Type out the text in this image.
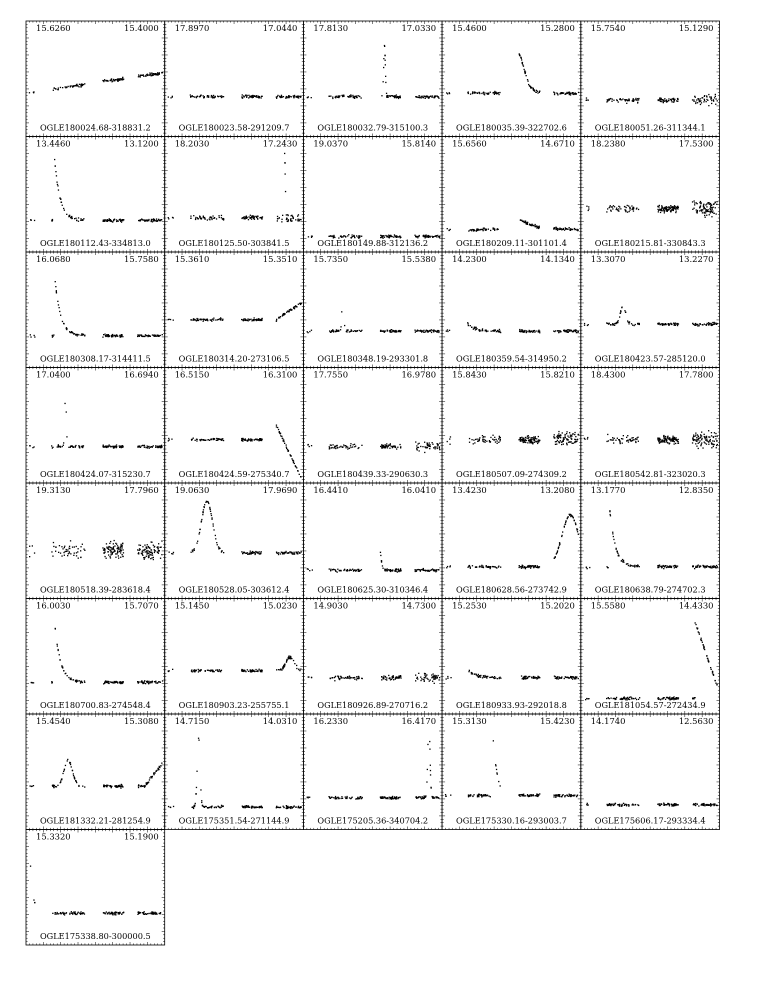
15.6260	15.4000
OGLE180024.68-318831.2
17.8970	17.0440
OGLE180023.58-291209.7
17.8130	17.0330
OGLE180032.79-315100.3
15.4600	15.2800
OGLE180035.39-322702.6
15.7540	15.1290
OGLE180051.26-311344.1
13.4460	13.1200
OGLE180112.43-334813.0
18.2030	17.2430
OGLE180125.50-303841.5
19.0370	15.8140
OGLE180149.88-312136.2
15.6560	14.6710
OGLE180209.11-301101.4
18.2380	17.5300
OGLE180215.81-330843.3
16.0680	15.7580
OGLE180308.17-314411.5
15.3610	15.3510
OGLE180314.20-273106.5
15.7350	15.5380
OGLE180348.19-293301.8
14.2300	14.1340
OGLE180359.54-314950.2
13.3070	13.2270
OGLE180423.57-285120.0
17.0400	16.6940
OGLE180424.07-315230.7
16.5150	16.3100
OGLE180424.59-275340.7
17.7550	16.9780
OGLE180439.33-290630.3
15.8430	15.8210
OGLE180507.09-274309.2
18.4300	17.7800
OGLE180542.81-323020.3
19.3130	17.7960
OGLE180518.39-283618.4
19.0630	17.9690
OGLE180528.05-303612.4
16.4410	16.0410
OGLE180625.30-310346.4
13.4230	13.2080
OGLE180628.56-273742.9
13.1770	12.8350
OGLE180638.79-274702.3
16.0030	15.7070
OGLE180700.83-274548.4
15.1450	15.0230
OGLE180903.23-255755.1
14.9030	14.7300
OGLE180926.89-270716.2
15.2530	15.2020
OGLE180933.93-292018.8
15.5580	14.4330
OGLE181054.57-272434.9
15.4540	15.3080
OGLE181332.21-281254.9
14.7150	14.0310
OGLE175351.54-271144.9
16.2330	16.4170
OGLE175205.36-340704.2
15.3130	15.4230
OGLE175330.16-293003.7
14.1740	12.5630
OGLE175606.17-293334.4
15.3320	15.1900
OGLE175338.80-300000.5
